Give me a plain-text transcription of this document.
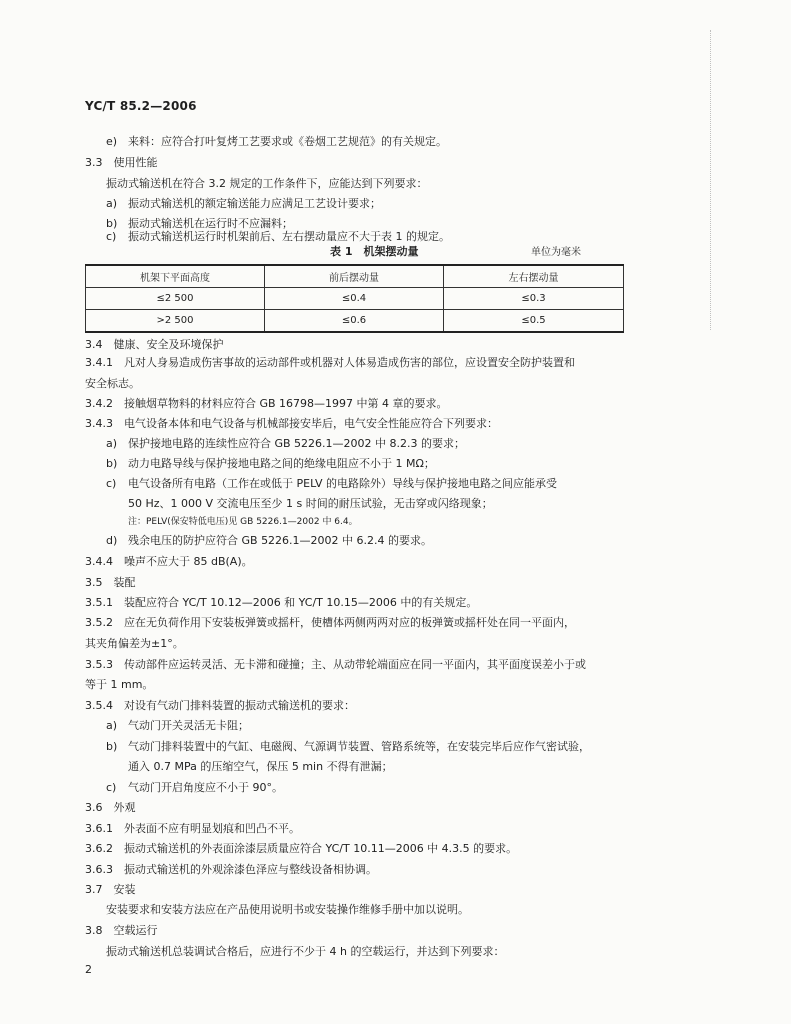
YC/T 85.2—2006
e)　来料：应符合打叶复烤工艺要求或《卷烟工艺规范》的有关规定。
3.3　使用性能
振动式输送机在符合 3.2 规定的工作条件下，应能达到下列要求：
a) 振动式输送机的额定输送能力应满足工艺设计要求；
b) 振动式输送机在运行时不应漏料；
c) 振动式输送机运行时机架前后、左右摆动量应不大于表 1 的规定。
表 1　机架摆动量	单位为毫米
机架下平面高度	前后摆动量	左右摆动量
≤2 500	≤0.4	≤0.3
>2 500	≤0.6	≤0.5
3.4　健康、安全及环境保护
3.4.1　凡对人身易造成伤害事故的运动部件或机器对人体易造成伤害的部位，应设置安全防护装置和
安全标志。
3.4.2　接触烟草物料的材料应符合 GB 16798—1997 中第 4 章的要求。
3.4.3　电气设备本体和电气设备与机械部接安毕后，电气安全性能应符合下列要求：
a) 保护接地电路的连续性应符合 GB 5226.1—2002 中 8.2.3 的要求；
b) 动力电路导线与保护接地电路之间的绝缘电阻应不小于 1 MΩ；
c) 电气设备所有电路（工作在或低于 PELV 的电路除外）导线与保护接地电路之间应能承受
50 Hz、1 000 V 交流电压至少 1 s 时间的耐压试验，无击穿或闪络现象；
注：PELV(保安特低电压)见 GB 5226.1—2002 中 6.4。
d) 残余电压的防护应符合 GB 5226.1—2002 中 6.2.4 的要求。
3.4.4　噪声不应大于 85 dB(A)。
3.5　装配
3.5.1　装配应符合 YC/T 10.12—2006 和 YC/T 10.15—2006 中的有关规定。
3.5.2　应在无负荷作用下安装板弹簧或摇杆，使槽体两侧两两对应的板弹簧或摇杆处在同一平面内，
其夹角偏差为±1°。
3.5.3　传动部件应运转灵活、无卡滞和碰撞；主、从动带轮端面应在同一平面内，其平面度误差小于或
等于 1 mm。
3.5.4　对设有气动门排料装置的振动式输送机的要求：
a) 气动门开关灵活无卡阻；
b) 气动门排料装置中的气缸、电磁阀、气源调节装置、管路系统等，在安装完毕后应作气密试验，
通入 0.7 MPa 的压缩空气，保压 5 min 不得有泄漏；
c) 气动门开启角度应不小于 90°。
3.6　外观
3.6.1　外表面不应有明显划痕和凹凸不平。
3.6.2　振动式输送机的外表面涂漆层质量应符合 YC/T 10.11—2006 中 4.3.5 的要求。
3.6.3　振动式输送机的外观涂漆色泽应与整线设备相协调。
3.7　安装
安装要求和安装方法应在产品使用说明书或安装操作维修手册中加以说明。
3.8　空载运行
振动式输送机总装调试合格后，应进行不少于 4 h 的空载运行，并达到下列要求：
2
